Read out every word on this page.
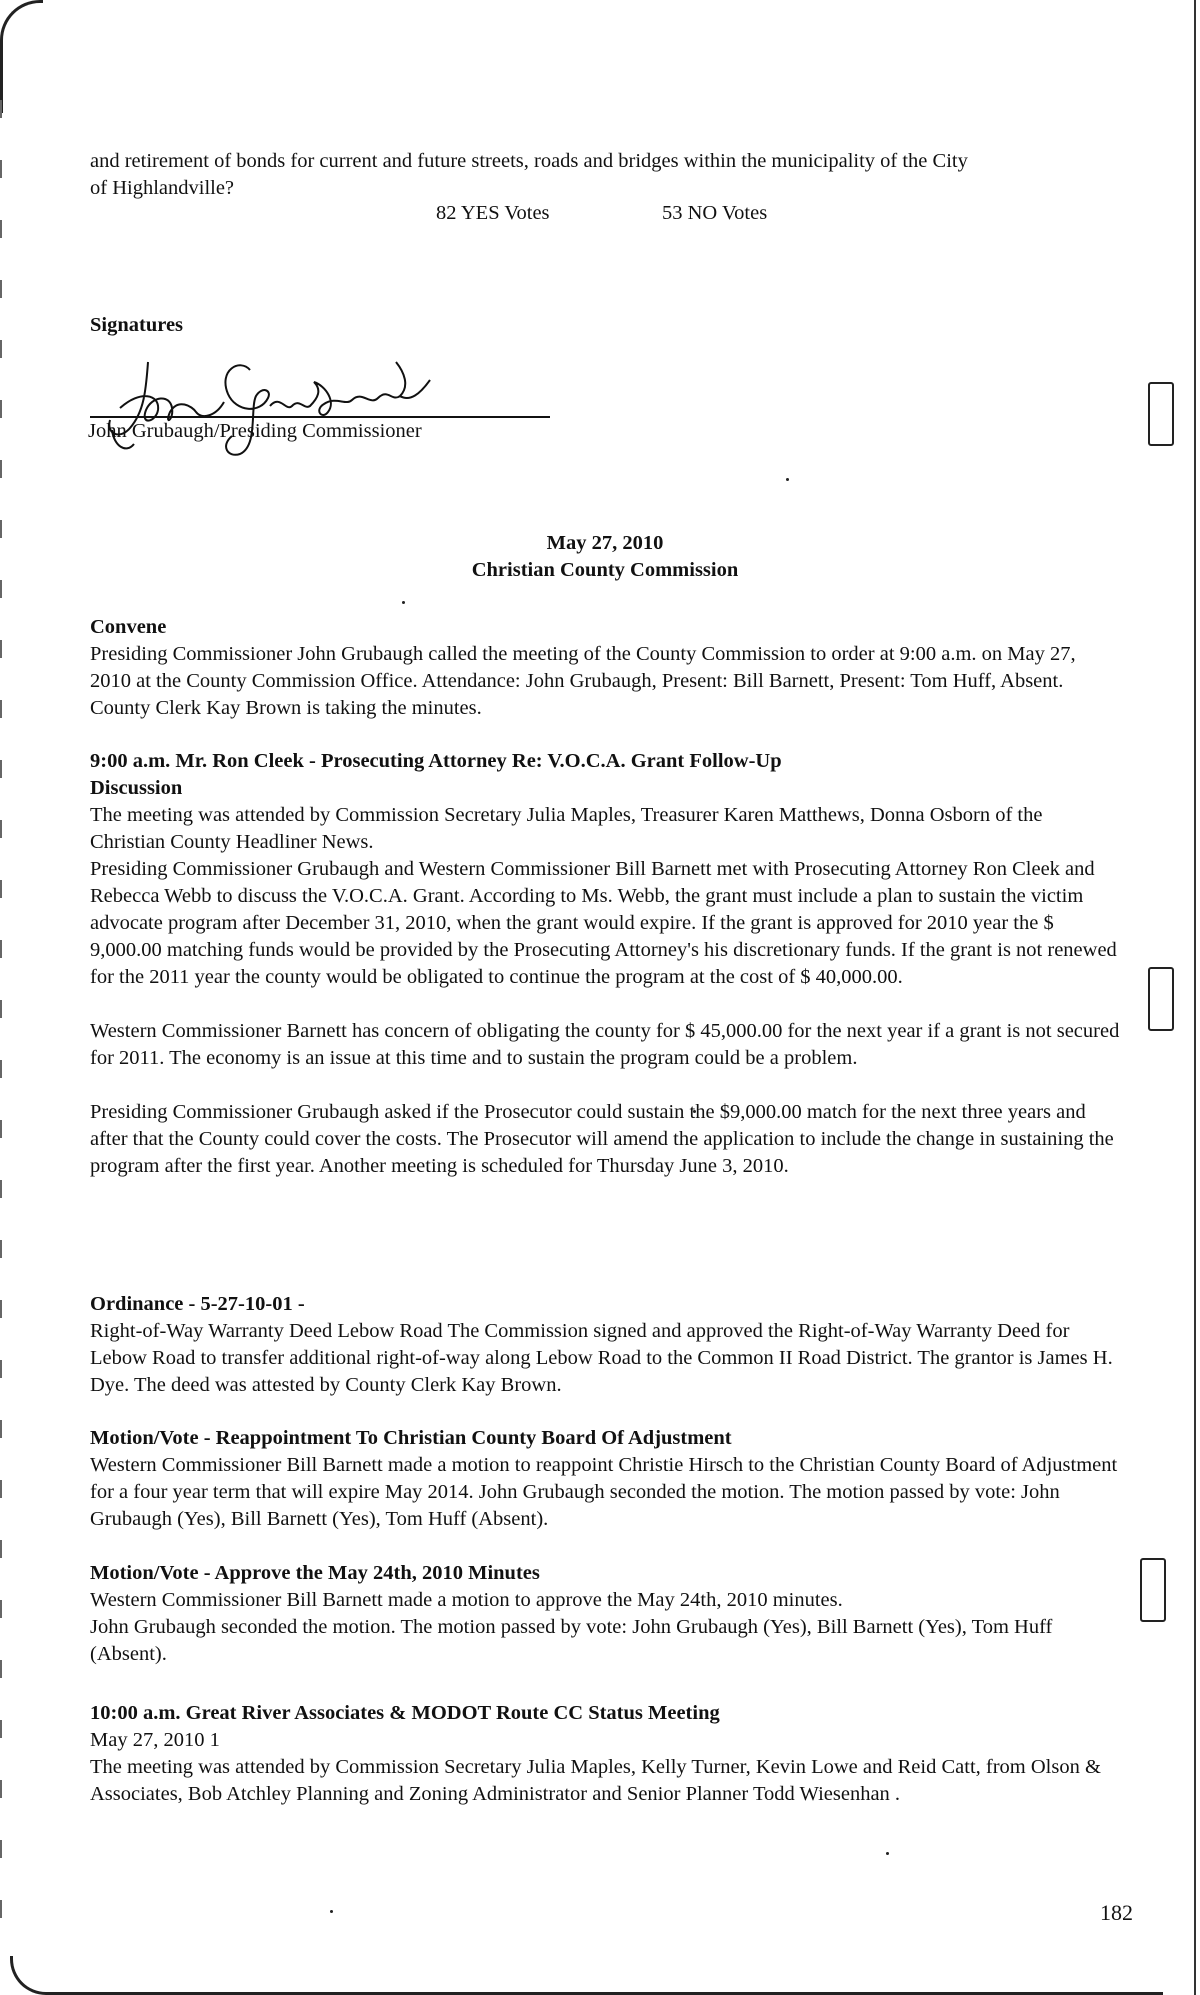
and retirement of bonds for current and future streets, roads and bridges within the municipality of the City

of Highlandville?

82 YES Votes	53 NO Votes
Signatures
John Grubaugh/Presiding Commissioner
May 27, 2010
Christian County Commission

Convene

Presiding Commissioner John Grubaugh called the meeting of the County Commission to order at 9:00 a.m. on May 27, 2010 at the County Commission Office. Attendance: John Grubaugh, Present: Bill Barnett, Present: Tom Huff, Absent. County Clerk Kay Brown is taking the minutes.

9:00 a.m. Mr. Ron Cleek - Prosecuting Attorney Re: V.O.C.A. Grant Follow-Up

Discussion

The meeting was attended by Commission Secretary Julia Maples, Treasurer Karen Matthews, Donna Osborn of the Christian County Headliner News.

Presiding Commissioner Grubaugh and Western Commissioner Bill Barnett met with Prosecuting Attorney Ron Cleek and Rebecca Webb to discuss the V.O.C.A. Grant. According to Ms. Webb, the grant must include a plan to sustain the victim advocate program after December 31, 2010, when the grant would expire. If the grant is approved for 2010 year the $ 9,000.00 matching funds would be provided by the Prosecuting Attorney's his discretionary funds. If the grant is not renewed for the 2011 year the county would be obligated to continue the program at the cost of $ 40,000.00.

Western Commissioner Barnett has concern of obligating the county for $ 45,000.00 for the next year if a grant is not secured for 2011. The economy is an issue at this time and to sustain the program could be a problem.

Presiding Commissioner Grubaugh asked if the Prosecutor could sustain the $9,000.00 match for the next three years and after that the County could cover the costs. The Prosecutor will amend the application to include the change in sustaining the program after the first year. Another meeting is scheduled for Thursday June 3, 2010.

Ordinance - 5-27-10-01 -

Right-of-Way Warranty Deed Lebow Road The Commission signed and approved the Right-of-Way Warranty Deed for Lebow Road to transfer additional right-of-way along Lebow Road to the Common II Road District. The grantor is James H. Dye. The deed was attested by County Clerk Kay Brown.

Motion/Vote - Reappointment To Christian County Board Of Adjustment

Western Commissioner Bill Barnett made a motion to reappoint Christie Hirsch to the Christian County Board of Adjustment for a four year term that will expire May 2014. John Grubaugh seconded the motion. The motion passed by vote: John Grubaugh (Yes), Bill Barnett (Yes), Tom Huff (Absent).

Motion/Vote - Approve the May 24th, 2010 Minutes

Western Commissioner Bill Barnett made a motion to approve the May 24th, 2010 minutes.

John Grubaugh seconded the motion. The motion passed by vote: John Grubaugh (Yes), Bill Barnett (Yes), Tom Huff (Absent).

10:00 a.m. Great River Associates & MODOT Route CC Status Meeting

May 27, 2010 1

The meeting was attended by Commission Secretary Julia Maples, Kelly Turner, Kevin Lowe and Reid Catt, from Olson & Associates, Bob Atchley Planning and Zoning Administrator and Senior Planner Todd Wiesenhan .

182
